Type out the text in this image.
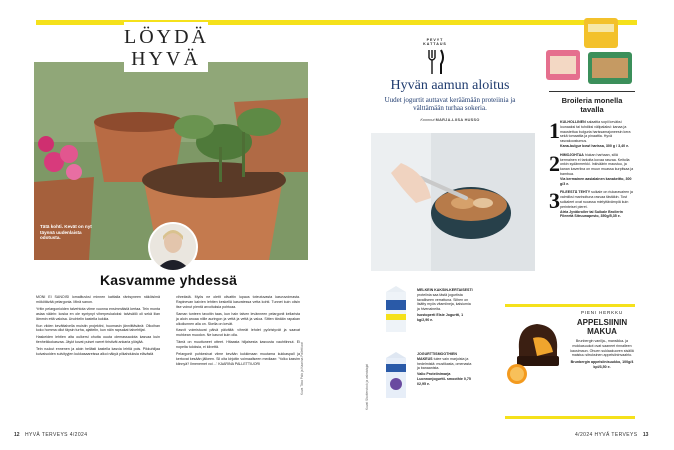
LÖYDÄ
HYVÄ
Tätä kohti. Kevät on nyt täynnä uudenlaista odotusta.
Kasvamme yhdessä

MONI EI SANOISI lomailtuvksi minnen kattialla räntsyneen näköislmä mökötävää pelargonia. Minä sanon.

Yritin pelargonioiden talvehtota viime vuonna ensimmäistä kertaa. Tein monta asiaa väärin: koska en ole syntynyt viherpeukaloksi: talvisäilö oli sekä liian lämmin että valoisa. Unohtelin kastella kukkia.

Kun viiden kevättalvella muistin projektini, huomasin jänniittävänä: Olkoihan koko homma ollut täysin turha, ajattelin, kun näin rapsakat talvehtijat.

Haskeiden lehtien alta oulkersi ohutta ouuta olemassaolota kasvaa kuin tienheikkokasvaa. Jäykt kovat puiset varret tiristivät ankaria ylösjää.

Tein ruukut ennenen ja aloin hellästi kastella kasvia lehtiä pois. Pikkuhiljaa kuivaisoiden sulvityyjen kukkasaareissa alkoi näkyä pilkahduksia elävästä

vihreästä. Myös ne oletit olivattin lupaus toteutuvasta kasvuvoimasta. Rapinevan kaivien lehtien keskellä kasvatessa vetta kohti. Tunnet kuin olisin itse voinut pientä arvoituksia pohtoaa.

Saman tunteen tavoitin taas, kun hain talven levänneen pelargonit kellarista ja aloin anoaa niille auringon ja vettä ja vettä ja valoa. Sitten tänään rapakan ulkoilunnen alla on. Skella on kevät.

Kasvit voimistuvat päivä päivältä: vihreät lehdet pyöristyvät ja saavat muhkean muodon. Ne kasvut kuin olla.

Tämä on muuttuneet otteet. Hitaasta hiljaisesta kasvusta vauhtiinnut. Ei nopeita tuloksia, ei kilvettä.

Pelargonit puhkesivat viime kevään kukkimaan muutama kukkaspall ja kertovat kesään jälkeen. Sil oita kirjoitin voimaallseen mediaan: 'Yolko kasvim kiinnyä? Ilmenemet voi ...' KAARINA PALLETTIUORI	Kuva Tiina Palo ja Kaarina Pallettiuori
12 HYVÄ TERVEYS 4/2024
PEVYT KATTAUS
Hyvän aamun aloitus
Uudet jogurtit auttavat keräämään proteiinia ja välttämään turhaa sokeria.
Koonnut MARJA-LIISA HUSSO
Kuvat Shutterstock ja valmistajat
MELKEIN KAKSIN-KERTAISESTI proteiinia saa tästä jogurtista tavalliseen verrattuna. Siihen on lisätty myös vitamiineja, kalsiumia ja hivenaineita.
Isostoperti Elsie Jogurtti, 1 kg/2,90 e.
JOGURTTISMOOTHIEN MAKEUS tulee vain marjoista ja hedelmistä: mustikasta, omenasta ja banaanista.
Valio Proteiinimarja Luonnonjogurtti- smoothie 0,75 l/2,95 e.
Broileria monella tavalla
1 KULHOLLINEN salaattia sopii keväksi lounaaksi tai tuhdiksi välipalaksi: kanaa ja maustettua bulguria harissamajoneesin kera sekä tomaattia ja pinaattia. Hyvä rasvakoostumus.
Kana-bulgur bowl harissa, 300 g / 3,40 e.
2 HIMOJOHTAA hiukan harhaan, sillä kermainen ei tarkoita kovaa rasvaa. Keitolla onkin sydänmerkki. Inkiväärin maustuu, ja kanan kaveriina on muun muassa kurpitsaa ja bambua.
Via kermainen aasialainen kanakeitto, 300 g/3 e.
3 FILEESTÄ TEHTY suikale on riukaravairen ja valmiiksi marinoituna rasvaa tästäkin. Tost suikaleet ovat ruoassa mielyttävämpiä kuin perinteiset pieret.
Atria Jyväbroiler tai Suikale Broilerin Fileeetä Sitruunapesto, 350g/5,35 e.
PIENI HERKKU
APPELSIININ MAKUA
Brunbergin vanilja-, mansikka- ja mokkasuukot ovat saaneet rinnalleen kausimaun. Ohuen suklaakuoren sisällä maistuu sitruksinen appelsiininvaahto.
Brunbergin appelsiinisuukko, 100g/4 kpl/3,50 e.
4/2024 HYVÄ TERVEYS 13
